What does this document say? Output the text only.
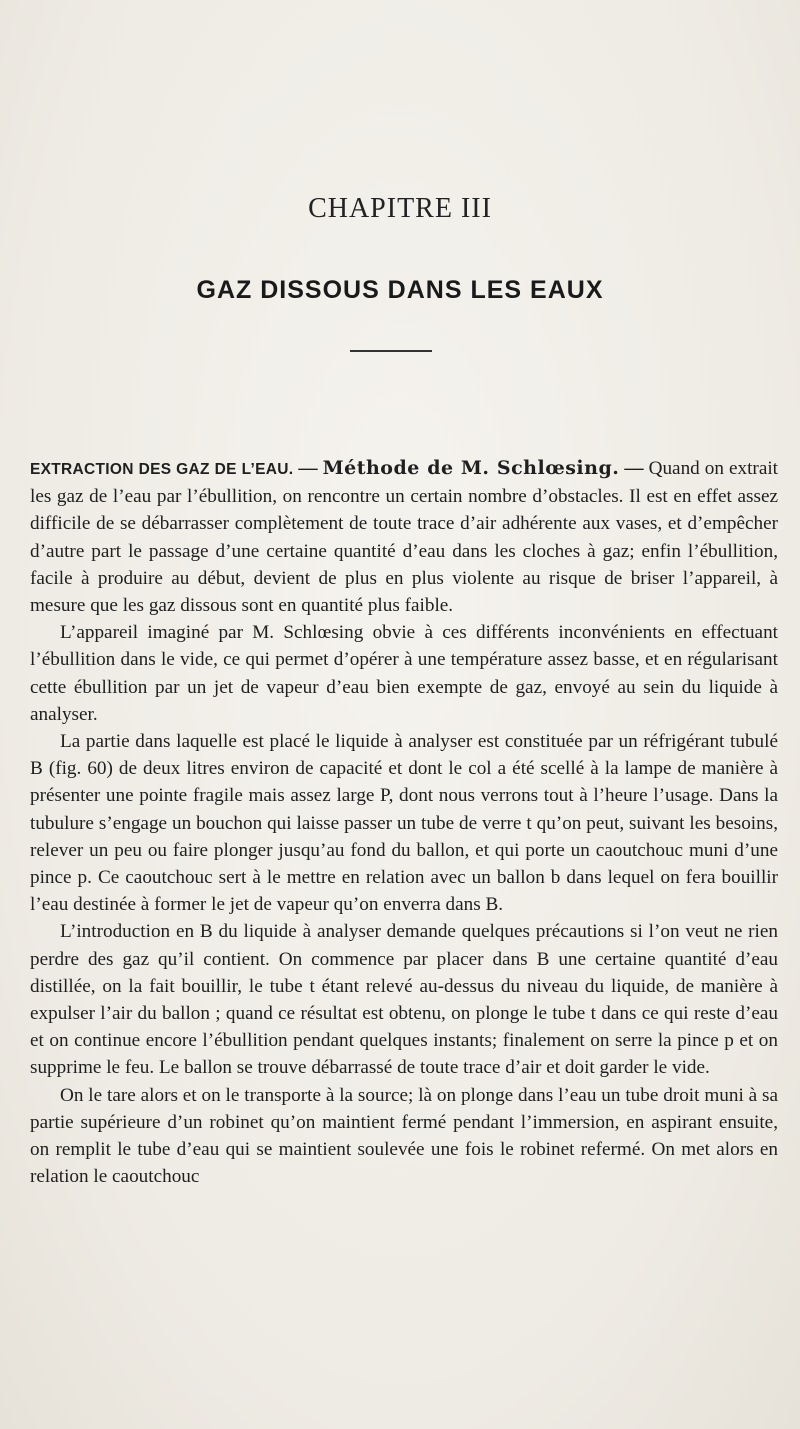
CHAPITRE III
GAZ DISSOUS DANS LES EAUX

EXTRACTION DES GAZ DE L’EAU. — Méthode de M. Schlœsing. — Quand on extrait les gaz de l’eau par l’ébullition, on rencontre un certain nombre d’obstacles. Il est en effet assez difficile de se débarrasser complètement de toute trace d’air adhérente aux vases, et d’empêcher d’autre part le passage d’une certaine quantité d’eau dans les cloches à gaz; enfin l’ébullition, facile à produire au début, devient de plus en plus violente au risque de briser l’appareil, à mesure que les gaz dissous sont en quantité plus faible.

L’appareil imaginé par M. Schlœsing obvie à ces différents inconvénients en effectuant l’ébullition dans le vide, ce qui permet d’opérer à une température assez basse, et en régularisant cette ébullition par un jet de vapeur d’eau bien exempte de gaz, envoyé au sein du liquide à analyser.

La partie dans laquelle est placé le liquide à analyser est constituée par un réfrigérant tubulé B (fig. 60) de deux litres environ de capacité et dont le col a été scellé à la lampe de manière à présenter une pointe fragile mais assez large P, dont nous verrons tout à l’heure l’usage. Dans la tubulure s’engage un bouchon qui laisse passer un tube de verre t qu’on peut, suivant les besoins, relever un peu ou faire plonger jusqu’au fond du ballon, et qui porte un caoutchouc muni d’une pince p. Ce caoutchouc sert à le mettre en relation avec un ballon b dans lequel on fera bouillir l’eau destinée à former le jet de vapeur qu’on enverra dans B.

L’introduction en B du liquide à analyser demande quelques précautions si l’on veut ne rien perdre des gaz qu’il contient. On commence par placer dans B une certaine quantité d’eau distillée, on la fait bouillir, le tube t étant relevé au-dessus du niveau du liquide, de manière à expulser l’air du ballon ; quand ce résultat est obtenu, on plonge le tube t dans ce qui reste d’eau et on continue encore l’ébullition pendant quelques instants; finalement on serre la pince p et on supprime le feu. Le ballon se trouve débarrassé de toute trace d’air et doit garder le vide.

On le tare alors et on le transporte à la source; là on plonge dans l’eau un tube droit muni à sa partie supérieure d’un robinet qu’on maintient fermé pendant l’immersion, en aspirant ensuite, on remplit le tube d’eau qui se maintient soulevée une fois le robinet refermé. On met alors en relation le caoutchouc
